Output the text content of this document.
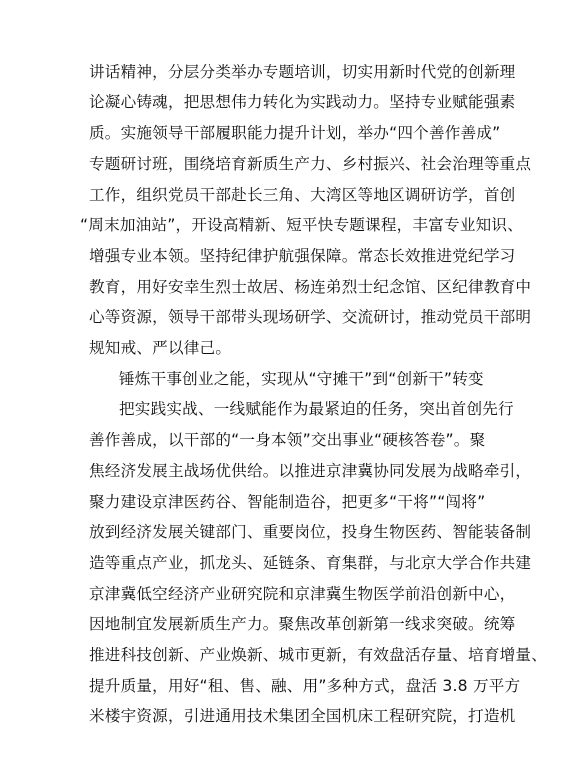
讲话精神，分层分类举办专题培训，切实用新时代党的创新理
论凝心铸魂，把思想伟力转化为实践动力。坚持专业赋能强素
质。实施领导干部履职能力提升计划，举办“四个善作善成”
专题研讨班，围绕培育新质生产力、乡村振兴、社会治理等重点
工作，组织党员干部赴长三角、大湾区等地区调研访学，首创
“周末加油站”，开设高精新、短平快专题课程，丰富专业知识、
增强专业本领。坚持纪律护航强保障。常态长效推进党纪学习
教育，用好安幸生烈士故居、杨连弟烈士纪念馆、区纪律教育中
心等资源，领导干部带头现场研学、交流研讨，推动党员干部明
规知戒、严以律己。
锤炼干事创业之能，实现从“守摊干”到“创新干”转变
把实践实战、一线赋能作为最紧迫的任务，突出首创先行
善作善成，以干部的“一身本领”交出事业“硬核答卷”。聚
焦经济发展主战场优供给。以推进京津冀协同发展为战略牵引，
聚力建设京津医药谷、智能制造谷，把更多“干将”“闯将”
放到经济发展关键部门、重要岗位，投身生物医药、智能装备制
造等重点产业，抓龙头、延链条、育集群，与北京大学合作共建
京津冀低空经济产业研究院和京津冀生物医学前沿创新中心，
因地制宜发展新质生产力。聚焦改革创新第一线求突破。统筹
推进科技创新、产业焕新、城市更新，有效盘活存量、培育增量、
提升质量，用好“租、售、融、用”多种方式，盘活 3.8 万平方
米楼宇资源，引进通用技术集团全国机床工程研究院，打造机
